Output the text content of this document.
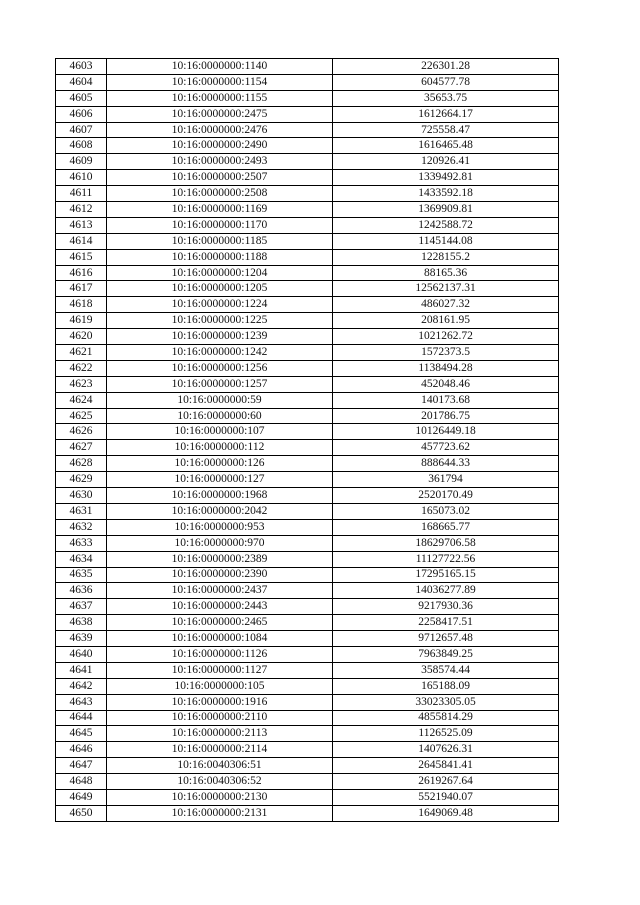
4603	10:16:0000000:1140	226301.28
4604	10:16:0000000:1154	604577.78
4605	10:16:0000000:1155	35653.75
4606	10:16:0000000:2475	1612664.17
4607	10:16:0000000:2476	725558.47
4608	10:16:0000000:2490	1616465.48
4609	10:16:0000000:2493	120926.41
4610	10:16:0000000:2507	1339492.81
4611	10:16:0000000:2508	1433592.18
4612	10:16:0000000:1169	1369909.81
4613	10:16:0000000:1170	1242588.72
4614	10:16:0000000:1185	1145144.08
4615	10:16:0000000:1188	1228155.2
4616	10:16:0000000:1204	88165.36
4617	10:16:0000000:1205	12562137.31
4618	10:16:0000000:1224	486027.32
4619	10:16:0000000:1225	208161.95
4620	10:16:0000000:1239	1021262.72
4621	10:16:0000000:1242	1572373.5
4622	10:16:0000000:1256	1138494.28
4623	10:16:0000000:1257	452048.46
4624	10:16:0000000:59	140173.68
4625	10:16:0000000:60	201786.75
4626	10:16:0000000:107	10126449.18
4627	10:16:0000000:112	457723.62
4628	10:16:0000000:126	888644.33
4629	10:16:0000000:127	361794
4630	10:16:0000000:1968	2520170.49
4631	10:16:0000000:2042	165073.02
4632	10:16:0000000:953	168665.77
4633	10:16:0000000:970	18629706.58
4634	10:16:0000000:2389	11127722.56
4635	10:16:0000000:2390	17295165.15
4636	10:16:0000000:2437	14036277.89
4637	10:16:0000000:2443	9217930.36
4638	10:16:0000000:2465	2258417.51
4639	10:16:0000000:1084	9712657.48
4640	10:16:0000000:1126	7963849.25
4641	10:16:0000000:1127	358574.44
4642	10:16:0000000:105	165188.09
4643	10:16:0000000:1916	33023305.05
4644	10:16:0000000:2110	4855814.29
4645	10:16:0000000:2113	1126525.09
4646	10:16:0000000:2114	1407626.31
4647	10:16:0040306:51	2645841.41
4648	10:16:0040306:52	2619267.64
4649	10:16:0000000:2130	5521940.07
4650	10:16:0000000:2131	1649069.48
